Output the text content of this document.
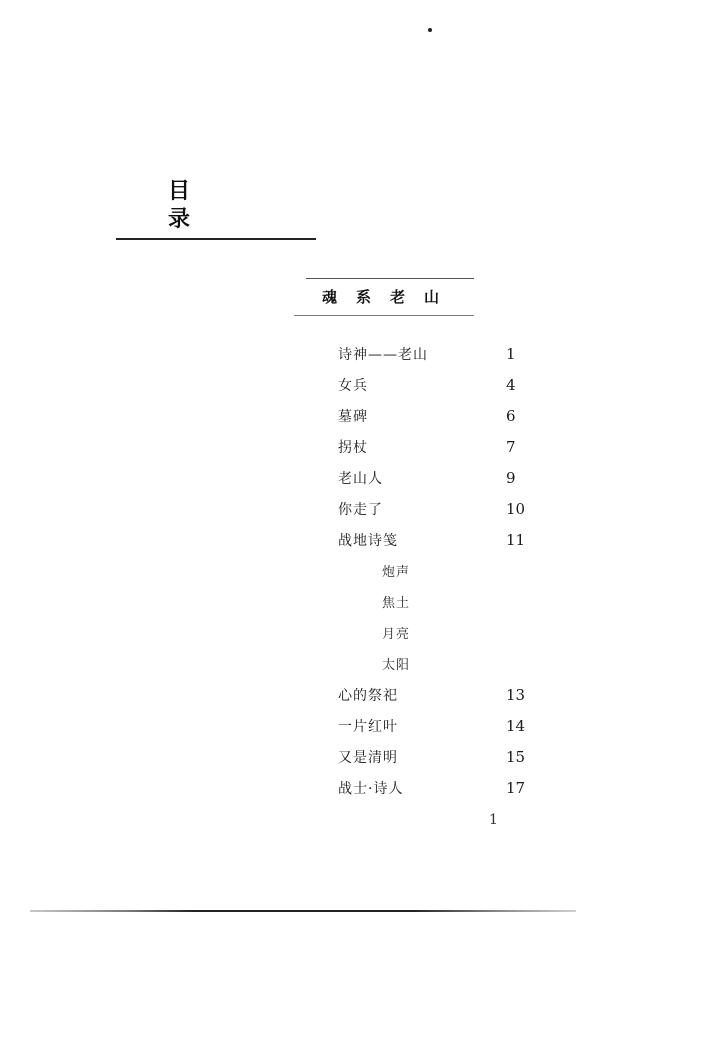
目 录
魂系老山
诗神——老山	1
女兵	4
墓碑	6
拐杖	7
老山人	9
你走了	10
战地诗笺	11
炮声
焦土
月亮
太阳
心的祭祀	13
一片红叶	14
又是清明	15
战士·诗人	17
1
